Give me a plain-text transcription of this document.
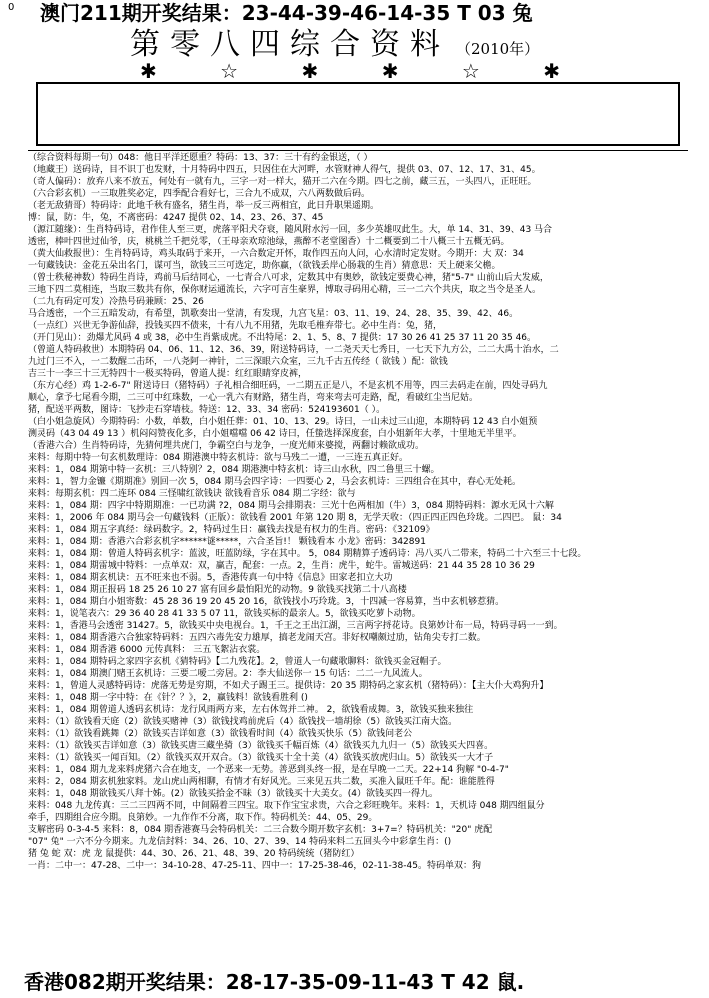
0 澳门211期开奖结果：23-44-39-46-14-35 T 03 兔
第零八四综合资料 （2010年）
✱	☆	✱	✱	☆	✱
（综合资料每期一句）048：他日平洋还愿重？特码：13、37：三十有约金银送，（ ）
（地藏王）送码诗，目不识丁也发财，十月特码中四五，只因住在大河畔，水管财神人得气，提供 03、07、12、17、31、45。
（奇人偏码）：放弃八来不放五，何处有一就有九，三字一对一样大，猫开二六在今期。四七之前，藏三五，一头四八，正旺旺。
（六合彩玄机）一三取胜奖必定，四季配合看好七，三合九不成双，六八两数做后码。
（老无敌猜哥）特码诗：此地千秋有盛名，猪生肖，举一反三两相宜，此日升职果遥期。
博：鼠，防：牛，兔，不离密码：4247 提供 02、14、23、26、37、45
（源江随缘）：生肖特码诗，君作佳人至三更，虎落平阳犬夺衰，随风附水污一回，多少英雄叹此生。大，单 14、31、39、43 马合
透密，棒叶四世过仙爷，庆，桃桃兰千把兑零，（王母亲欢琼池绿，燕醉不老堂图香）十二概要到二十八概三十五概无码。
（黄大仙救报世）：生肖特码诗，鸡头取码于来开，一六合数定开怀，取作四五向人问，心水清时定发财。今期开：大 双：34
一句藏钱诀：金花五朵出名门，谋可当，欲钱三三可选定，助你赢，（欲钱丢岸心肠栽的生肖）猜意思：天上硬来父檐。
（曾士秩秘神数）特码生肖诗，鸡前马后结同心，一七青合八可求，定数其中有奥妙，欲钱定要费心神，猪"5-7" 山前山后大发威，
三地下四二莫相连，当取三数共有你，保你财运通流长，六字可言生豪界，博取寻码用心精，三一二六个共庆，取之当令是圣人。
（二九有码定可发）冷热号码兼顾：25、26
马合透密，一个三五暗发动，有希望，凯歌奏出一堂清，有发现，九宫飞星：03、11、19、24、28、35、39、42、46。
（一点红）兴世无争游仙辞，投钱买四不债来，十有八九不用猪，先取毛椎弃带七。必中生肖：兔，猪，
（开门见山）：劲爆尤风码 4 或 38，必中生肖紫成虎。不出特尾：2、1、5、8、7 提供：17 30 26 41 25 37 11 20 35 46。
（曾道人特码救世）本期特码 04、06、11、12、36、39，附送特码诗，一二尧天天七秀日，一七天下九方公，二二大禹十治水，二
九过门三不入，一二数醒二击环，一八尧阿一神针，二三深眼六众室，三九千古五传经（ 欲钱 ）配：欲钱
吉三十一李三十三无特四十一极买特码，曾道人提：红红眼睛穿皮裤，
（东方心经）鸡 1-2-6-7" 附送诗曰（猪特码）子礼相合细旺码，一二期五正是八，不是玄机不用等，四三去码走在前，四处寻码九
顺心，拿予七尾看今期，二三可中红珠数，一心一乳六有财路，猪生肖，弯来弯去可走路，配，看破红尘当尼姑。
猪，配送平两数，图诗：飞抄走石穿墙枝。特送：12、33、34 密码：524193601（ ）。
（白小姐急旋风）今期特码：小数，单数，白小姐任葬：01、10、13、29。诗曰，一山未过三山迎，本期特码 12 43 白小姐预
测灵码（43 04 49 13 ）机闷闷赞夜化多，白小姐噹噹 06 42 诗曰，任蛰选择深度套，白小姐新年大孝，十里地无半里平。
（香港六合）生肖特码诗，先猜何埋共虎门，争霸空白与龙争，一度光师来婆搅，两翻讨赖欲成功。
来料：每期中特一句玄机数理诗：084 期港澳中特玄机诗：欲与马残二一遭，一三连五真正好。
来料：1，084 期第中特一玄机：三八特别？2，084 期港澳中特玄机：诗三山水秋，四二鲁里三十螺。
来料：1，智力金镰《期期准》别回一次 5，084 期马会四字诗：一四要心 2，马会玄机诗：三四组合在其中，春心无处耗。
来料：每期玄机：四二连环 084 三怪啸红欲钱诀 欲钱看音乐 084 期二字经：欲与
来料：1，084 期：四字中特期期准：一已功满 ?2，084 期马会排期表：三光十色两相加（牛）3，084 期特码料：源水无风十六解
来料：1，2006 年 084 期马会一句藏钱料（正版）：欲钱看 2001 年第 120 期 8，无学天收：（四正四正四色玲珑。二四巴。 鼠：34
来料：1，084 期五字真经：绿码数字。2，特码过生日：赢钱去找是有权力的生肖。密码：《32109》
来料：1，084 期：香港六合彩玄机字******谜*****，六合圣旨!！ 颗钱看本 小龙》密码：342891
来料：1，084 期：曾道人特码玄机字：蓝波，旺蓝防绿，字在其中。 5，084 期精算子透码诗：冯八买八二带来，特码二十六至三十七段。
来料：1，084 期雷城中特料：一点单双：双，赢吉，配套：一点。2，生肖：虎牛，蛇牛。雷城送码：21 44 35 28 10 36 29
来料：1，084 期玄机诀：五不旺来也不弱。5，香港传真一句中特《信息》田家老扣立大功
来料：1，084 期正报码 18 25 26 10 27 富有回乡最怕阳光的动物。9 欲钱买找第二十八高楼
来料：1，084 期白小姐寄数：45 28 36 19 20 45 20 16，欲钱找小巧玲珑。3，十四减一容易算，当中玄机够惹猜。
来料：1，说笔表六：29 36 40 28 41 33 5 07 11，欲钱买标的最亲人。5，欲钱买吃萝卜动物。
来料：1，香港马会透密 31427。5，欲钱买中央电视台。1，千王之王出江湖，三言两字捋花诗。良第妙计布一局，特码寻码一一到。
来料：1，084 期香港六合独家特码料：五四六毒先安力雄厚，搞老龙闹天宫。非好权嘲颇过劢，钻角尖专打二数。
来料：1，084 期香港 6000 元传真料： 三五飞絮沾衣裳。
来料：1，084 期特码之家四字玄机《猜特码》【二九残花】。2，曾道人一句藏歌聊料：欲钱买金冠帽子。
来料：1，084 期澳门赌王玄机诗：三要二嗳二旁居。2：李大仙送你一 15 句话：二二一九风流人。
来料：1，曾道人灵感特码诗：虎落无势是穷期，不如犬子踢王三。提供诗：20 35 期特码之家玄机（猪特码）：【主大仆大鸡狗升】
来料：1，048 期一字中特：在《针？？》，2，赢钱料！欲钱看胜利 ()
来料：1，084 期曾道人透码玄机诗：龙行风雨两方来，左右休驾并二神。 2，欲钱看成舞。3，欲钱买独来独往
来料：（1）欲钱看天庭（2）欲钱买赌神（3）欲钱找鸡前虎后（4）欲钱找一墙胡徐（5）欲钱买江南大盗。
来料：（1）欲钱看跳舞（2）欲钱买吉详如意（3）欲钱看时间（4）欲钱买快乐（5）欲钱问老公
来料：（1）欲钱买吉详如意（3）欲钱买唐三藏坐骑（3）欲钱买千幅百炼（4）欲钱买九九归一（5）欲钱买大四喜。
来料：（1）欲钱买一闻百知。（2）欲钱买双开双合。（3）欲钱买十全十美（4）欲钱买放虎归山。5）欲钱买一大才子
来料：1，084 期九龙来料虎猪六合在地支，一个恶来一无势。善恶到头终一报，是在早晚一二天。22+14 狗解 "0-4-7"
来料：2，084 期玄机独家料。龙山虎山两相聊，有情才有好风光。三来见五共二数，买准入鼠旺千年。配：谁能胜得
来料：1，048 期欲钱买八拜十姊。(2）欲钱买拾金不昧（3）欲钱买十大美女。(4）欲钱买四一得九。
来料：048 九龙传真：三二三四两不同，中间隔着三四宝。取下作宝宝求贵，六合之彩旺晚年。来料：1，天机诗 048 期四组鼠分
牵手，四期组合应今期。良第妙。一九作作不分离，取下作。特码机关：44、05、29。
支解密码 0-3-4-5 来料：8，084 期香港赛马会特码机关：二三合数今期开数字玄机：3+7=？特码机关："20" 虎配
"07" 兔" 一六不分今期来。九龙信封料：34、26、10、27、39、14 特码来料二五回头今中彩拿生肖：()
猪 兔 蛇 双：虎 龙 鼠提供：44、30、26、21、48、39、20 特码统统（猪防红）
一肖：二中一：47-28、二中一：34-10-28、47-25-11、四中一：17-25-38-46，02-11-38-45。特码单双：狗
香港082期开奖结果：28-17-35-09-11-43 T 42 鼠.
